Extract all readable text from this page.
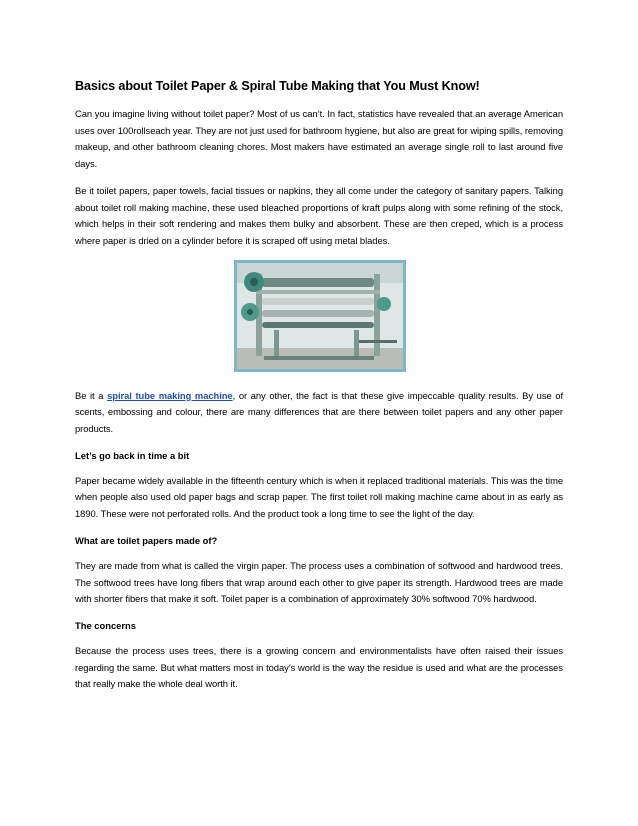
Basics about Toilet Paper & Spiral Tube Making that You Must Know!

Can you imagine living without toilet paper? Most of us can’t. In fact, statistics have revealed that an average American uses over 100rollseach year. They are not just used for bathroom hygiene, but also are great for wiping spills, removing makeup, and other bathroom cleaning chores. Most makers have estimated an average single roll to last around five days.

Be it toilet papers, paper towels, facial tissues or napkins, they all come under the category of sanitary papers. Talking about toilet roll making machine, these used bleached proportions of kraft pulps along with some refining of the stock, which helps in their soft rendering and makes them bulky and absorbent. These are then creped, which is a process where paper is dried on a cylinder before it is scraped off using metal blades.

Be it a spiral tube making machine, or any other, the fact is that these give impeccable quality results. By use of scents, embossing and colour, there are many differences that are there between toilet papers and any other paper products.

Let’s go back in time a bit

Paper became widely available in the fifteenth century which is when it replaced traditional materials. This was the time when people also used old paper bags and scrap paper. The first toilet roll making machine came about in as early as 1890. These were not perforated rolls. And the product took a long time to see the light of the day.

What are toilet papers made of?

They are made from what is called the virgin paper. The process uses a combination of softwood and hardwood trees. The softwood trees have long fibers that wrap around each other to give paper its strength. Hardwood trees are made with shorter fibers that make it soft. Toilet paper is a combination of approximately 30% softwood 70% hardwood.

The concerns

Because the process uses trees, there is a growing concern and environmentalists have often raised their issues regarding the same. But what matters most in today’s world is the way the residue is used and what are the processes that really make the whole deal worth it.
